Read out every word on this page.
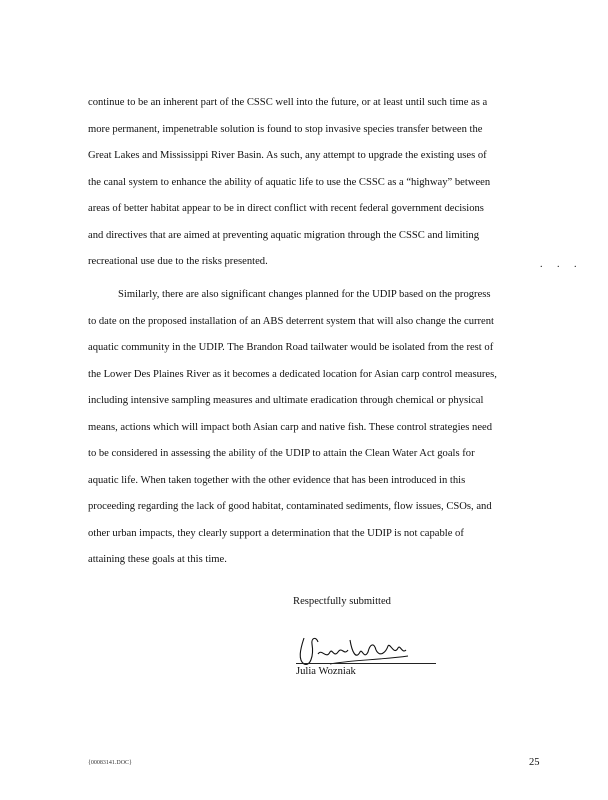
continue to be an inherent part of the CSSC well into the future, or at least until such time as a
more permanent, impenetrable solution is found to stop invasive species transfer between the
Great Lakes and Mississippi River Basin. As such, any attempt to upgrade the existing uses of
the canal system to enhance the ability of aquatic life to use the CSSC as a “highway” between
areas of better habitat appear to be in direct conflict with recent federal government decisions
and directives that are aimed at preventing aquatic migration through the CSSC and limiting
recreational use due to the risks presented.	. . .
Similarly, there are also significant changes planned for the UDIP based on the progress
to date on the proposed installation of an ABS deterrent system that will also change the current
aquatic community in the UDIP. The Brandon Road tailwater would be isolated from the rest of
the Lower Des Plaines River as it becomes a dedicated location for Asian carp control measures,
including intensive sampling measures and ultimate eradication through chemical or physical
means, actions which will impact both Asian carp and native fish. These control strategies need
to be considered in assessing the ability of the UDIP to attain the Clean Water Act goals for
aquatic life. When taken together with the other evidence that has been introduced in this
proceeding regarding the lack of good habitat, contaminated sediments, flow issues, CSOs, and
other urban impacts, they clearly support a determination that the UDIP is not capable of
attaining these goals at this time.
Respectfully submitted
Julia Wozniak
{00083141.DOC}	25
